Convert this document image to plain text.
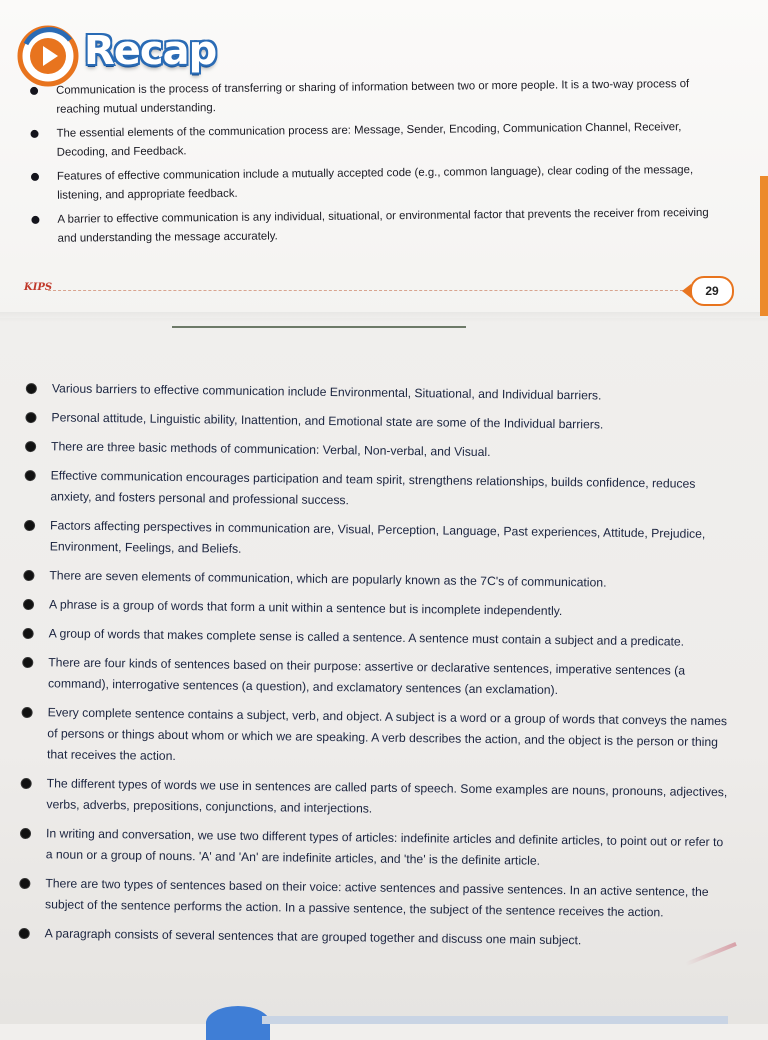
Recap
Communication is the process of transferring or sharing of information between two or more people. It is a two-way process of reaching mutual understanding.
The essential elements of the communication process are: Message, Sender, Encoding, Communication Channel, Receiver, Decoding, and Feedback.
Features of effective communication include a mutually accepted code (e.g., common language), clear coding of the message, listening, and appropriate feedback.
A barrier to effective communication is any individual, situational, or environmental factor that prevents the receiver from receiving and understanding the message accurately.
KIPS	29
Various barriers to effective communication include Environmental, Situational, and Individual barriers.
Personal attitude, Linguistic ability, Inattention, and Emotional state are some of the Individual barriers.
There are three basic methods of communication: Verbal, Non-verbal, and Visual.
Effective communication encourages participation and team spirit, strengthens relationships, builds confidence, reduces anxiety, and fosters personal and professional success.
Factors affecting perspectives in communication are, Visual, Perception, Language, Past experiences, Attitude, Prejudice, Environment, Feelings, and Beliefs.
There are seven elements of communication, which are popularly known as the 7C's of communication.
A phrase is a group of words that form a unit within a sentence but is incomplete independently.
A group of words that makes complete sense is called a sentence. A sentence must contain a subject and a predicate.
There are four kinds of sentences based on their purpose: assertive or declarative sentences, imperative sentences (a command), interrogative sentences (a question), and exclamatory sentences (an exclamation).
Every complete sentence contains a subject, verb, and object. A subject is a word or a group of words that conveys the names of persons or things about whom or which we are speaking. A verb describes the action, and the object is the person or thing that receives the action.
The different types of words we use in sentences are called parts of speech. Some examples are nouns, pronouns, adjectives, verbs, adverbs, prepositions, conjunctions, and interjections.
In writing and conversation, we use two different types of articles: indefinite articles and definite articles, to point out or refer to a noun or a group of nouns. 'A' and 'An' are indefinite articles, and 'the' is the definite article.
There are two types of sentences based on their voice: active sentences and passive sentences. In an active sentence, the subject of the sentence performs the action. In a passive sentence, the subject of the sentence receives the action.
A paragraph consists of several sentences that are grouped together and discuss one main subject.
